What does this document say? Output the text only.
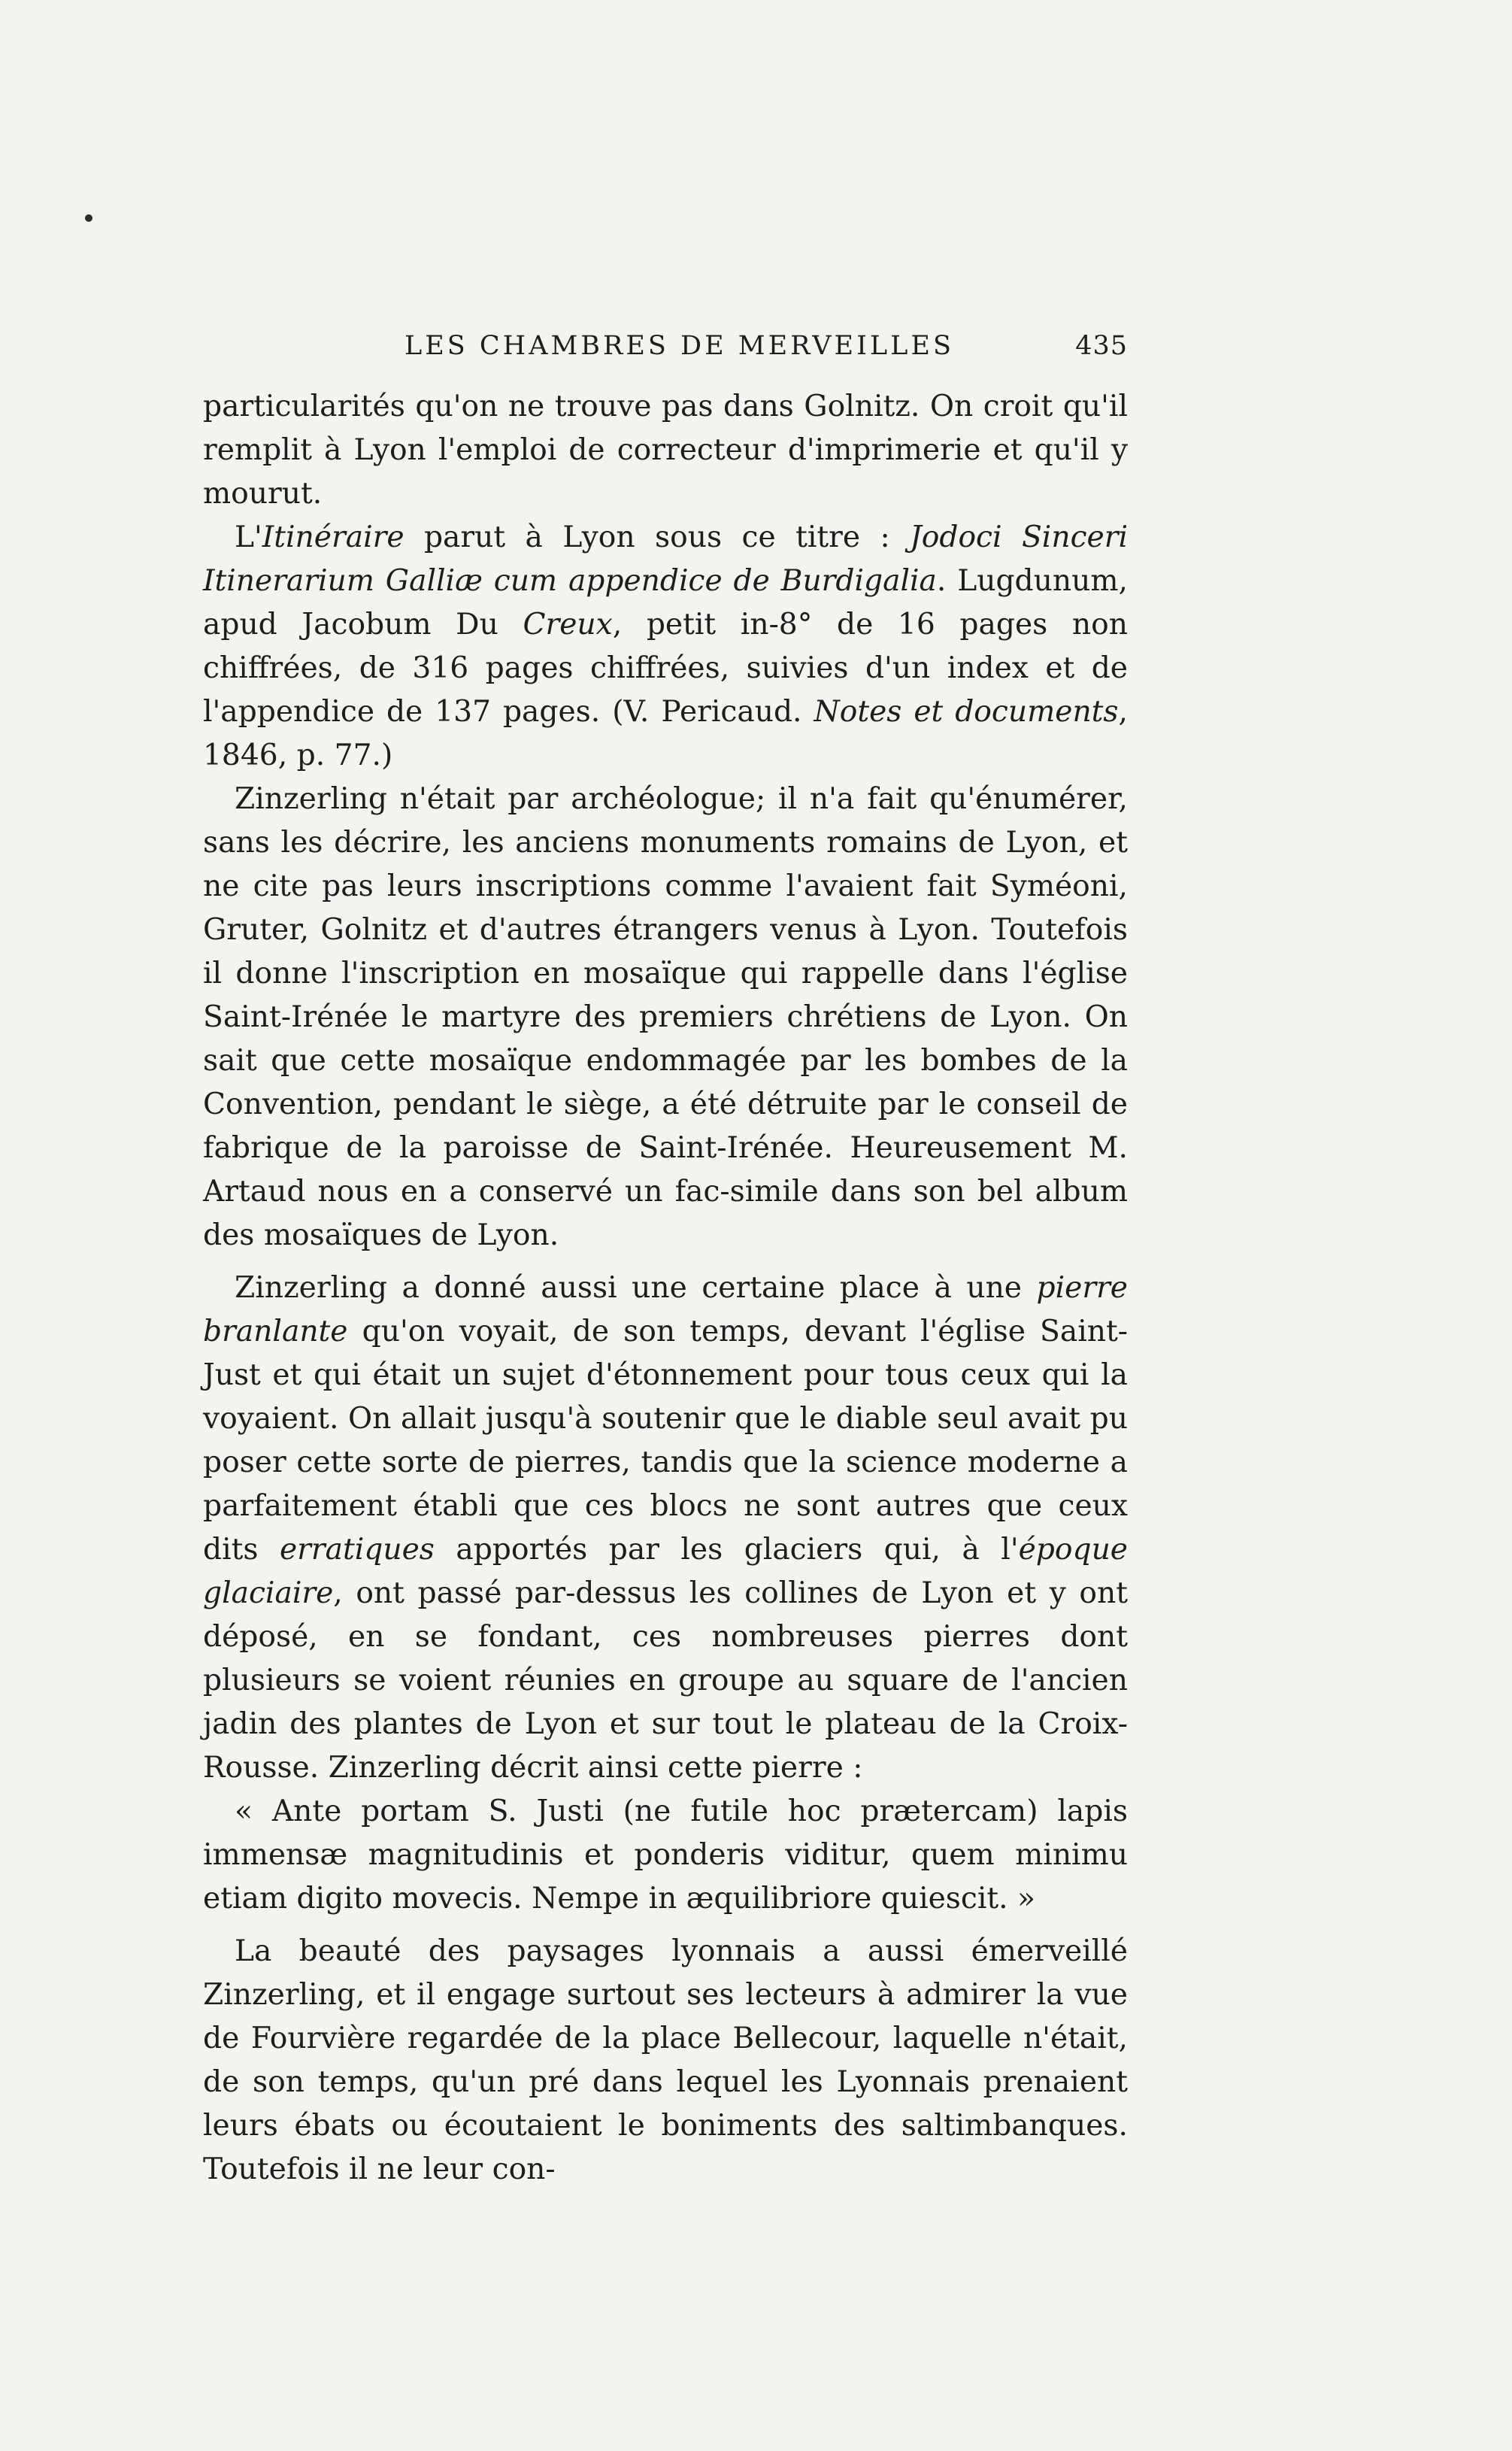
LES CHAMBRES DE MERVEILLES	435

particularités qu'on ne trouve pas dans Golnitz. On croit qu'il remplit à Lyon l'emploi de correcteur d'imprimerie et qu'il y mourut.

L'Itinéraire parut à Lyon sous ce titre : Jodoci Sinceri Itinerarium Galliæ cum appendice de Burdigalia. Lugdunum, apud Jacobum Du Creux, petit in-8° de 16 pages non chiffrées, de 316 pages chiffrées, suivies d'un index et de l'appendice de 137 pages. (V. Pericaud. Notes et documents, 1846, p. 77.)

Zinzerling n'était par archéologue; il n'a fait qu'énumérer, sans les décrire, les anciens monuments romains de Lyon, et ne cite pas leurs inscriptions comme l'avaient fait Syméoni, Gruter, Golnitz et d'autres étrangers venus à Lyon. Toutefois il donne l'inscription en mosaïque qui rappelle dans l'église Saint-Irénée le martyre des premiers chrétiens de Lyon. On sait que cette mosaïque endommagée par les bombes de la Convention, pendant le siège, a été détruite par le conseil de fabrique de la paroisse de Saint-Irénée. Heureusement M. Artaud nous en a conservé un fac-simile dans son bel album des mosaïques de Lyon.

Zinzerling a donné aussi une certaine place à une pierre branlante qu'on voyait, de son temps, devant l'église Saint-Just et qui était un sujet d'étonnement pour tous ceux qui la voyaient. On allait jusqu'à soutenir que le diable seul avait pu poser cette sorte de pierres, tandis que la science moderne a parfaitement établi que ces blocs ne sont autres que ceux dits erratiques apportés par les glaciers qui, à l'époque glaciaire, ont passé par-dessus les collines de Lyon et y ont déposé, en se fondant, ces nombreuses pierres dont plusieurs se voient réunies en groupe au square de l'ancien jadin des plantes de Lyon et sur tout le plateau de la Croix-Rousse. Zinzerling décrit ainsi cette pierre :

« Ante portam S. Justi (ne futile hoc prætercam) lapis immensæ magnitudinis et ponderis viditur, quem minimu etiam digito movecis. Nempe in æquilibriore quiescit. »

La beauté des paysages lyonnais a aussi émerveillé Zinzerling, et il engage surtout ses lecteurs à admirer la vue de Fourvière regardée de la place Bellecour, laquelle n'était, de son temps, qu'un pré dans lequel les Lyonnais prenaient leurs ébats ou écoutaient le boniments des saltimbanques. Toutefois il ne leur con-
